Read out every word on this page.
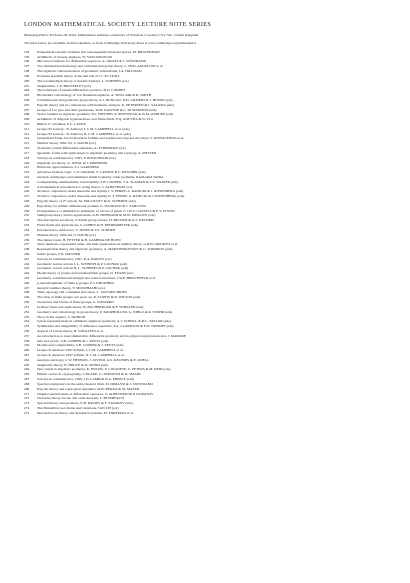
LONDON MATHEMATICAL SOCIETY LECTURE NOTE SERIES
Managing Editor: Professor M. Reid, Mathematics Institute, University of Warwick, Coventry CV4 7AL, United Kingdom
The titles below are available from booksellers, or from Cambridge University Press at www.cambridge.org/mathematics
194	Independent random variables and rearrangement invariant spaces, M. BRAVERMAN
195	Arithmetic of blowup algebras, W. VASCONCELOS
196	Microlocal analysis for differential operators, A. GRIGIS & J. SJÖSTRAND
197	Two-dimensional homotopy and combinatorial group theory, C. HOG-ANGELONI et al.
198	The algebraic characterization of geometric 4-manifolds, J.A. HILLMAN
199	Invariant potential theory in the unit ball of Cⁿ, M. STOLL
200	The Grothendieck theory of dessins d'enfant, L. SCHNEPS (ed.)
201	Singularities, J.-P. BRASSELET (ed.)
202	The technique of pseudodifferential operators, H.O. CORDES
203	Hochschild cohomology of von Neumann algebras, A. SINCLAIR & R. SMITH
204	Combinatorial and geometric group theory, A.J. DUNCAN, N.D. GILBERT & J. HOWIE (eds)
205	Ergodic theory and its connections with harmonic analysis, K. PETERSEN & I. SALAMA (eds)
207	Groups of Lie type and their geometries, W.M. KANTOR & L. DI MARTINO (eds)
208	Vector bundles in algebraic geometry, N.J. HITCHIN, P. NEWSTEAD & W.M. OXBURY (eds)
209	Arithmetic of diagonal hypersurfaces over finite fields, F.Q. GOUVÊA & N. YUI
210	Hilbert C*-modules, E.C. LANCE
211	Groups 93 Galway / St Andrews I, C.M. CAMPBELL et al. (eds)
212	Groups 93 Galway / St Andrews II, C.M. CAMPBELL et al. (eds)
214	Generalised Euler-Jacobi inversion formula and asymptotics beyond all orders, V. KOWALENKO et al.
215	Number theory 1992–93, S. DAVID (ed.)
216	Stochastic partial differential equations, A. ETHERIDGE (ed.)
217	Quadratic forms with applications to algebraic geometry and topology, A. PFISTER
218	Surveys in combinatorics, 1995, P. ROWLINSON (ed.)
220	Algebraic set theory, A. JOYAL & I. MOERDIJK
221	Harmonic approximation, S.J. GARDINER
222	Advances in linear logic, J.-Y. GIRARD, Y. LAFONT & L. REGNIER (eds)
223	Analytic semigroups and semilinear initial boundary value problems, KAZUAKI TAIRA
224	Computability, enumerability, unsolvability, S.B. COOPER, T.A. SLAMAN & S.S. WAINER (eds)
225	A mathematical introduction to string theory, S. ALBEVERIO et al.
226	Novikov conjectures, index theorems and rigidity I, S. FERRY, A. RANICKI & J. ROSENBERG (eds)
227	Novikov conjectures, index theorems and rigidity II, S. FERRY, A. RANICKI & J. ROSENBERG (eds)
228	Ergodic theory of Zᵈ actions, M. POLLICOTT & K. SCHMIDT (eds)
229	Ergodicity for infinite dimensional systems, G. DA PRATO & J. ZABCZYK
230	Prolegomena to a middlebrow arithmetic of curves of genus 2, J.W.S. CASSELS & E.V. FLYNN
231	Semigroup theory and its applications, K.H. HOFMANN & M.W. MISLOVE (eds)
232	The descriptive set theory of Polish group actions, H. BECKER & A.S. KECHRIS
233	Finite fields and applications, S. COHEN & H. NIEDERREITER (eds)
234	Introduction to subfactors, V. JONES & V.S. SUNDER
235	Number theory 1993–94, S. DAVID (ed.)
236	The James forest, H. FETTER & B. GAMBOA DE BUEN
237	Sieve methods, exponential sums, and their applications in number theory, G.R.H. GREAVES et al.
238	Representation theory and algebraic geometry, A. MARTSINKOVSKY & G. TODOROV (eds)
240	Stable groups, F.O. WAGNER
241	Surveys in combinatorics, 1997, R.A. BAILEY (ed.)
242	Geometric Galois actions I, L. SCHNEPS & P. LOCHAK (eds)
243	Geometric Galois actions II, L. SCHNEPS & P. LOCHAK (eds)
244	Model theory of groups and automorphism groups, D. EVANS (ed.)
245	Geometry, combinatorial designs and related structures, J.W.P. HIRSCHFELD et al.
246	p-Automorphisms of finite p-groups, E.I. KHUKHRO
247	Analytic number theory, Y. MOTOHASHI (ed.)
248	Tame topology and o-minimal structures, L. VAN DEN DRIES
249	The atlas of finite groups: ten years on, R. CURTIS & R. WILSON (eds)
250	Characters and blocks of finite groups, G. NAVARRO
251	Gröbner bases and applications, B. BUCHBERGER & F. WINKLER (eds)
252	Geometry and cohomology in group theory, P. KROPHOLLER, G. NIBLO & R. STÖHR (eds)
253	The q-Schur algebra, S. DONKIN
254	Galois representations in arithmetic algebraic geometry, A.J. SCHOLL & R.L. TAYLOR (eds)
255	Symmetries and integrability of difference equations, P.A. CLARKSON & F.W. NIJHOFF (eds)
256	Aspects of Galois theory, H. VÖLKLEIN et al.
257	An introduction to noncommutative differential geometry and its physical applications 2ed, J. MADORE
258	Sets and proofs, S.B. COOPER & J. TRUSS (eds)
259	Models and computability, S.B. COOPER & J. TRUSS (eds)
260	Groups St Andrews 1997 in Bath, I, C.M. CAMPBELL et al.
261	Groups St Andrews 1997 in Bath, II, C.M. CAMPBELL et al.
262	Analysis and logic, C.W. HENSON, J. IOVINO, A.S. KECHRIS & E. ODELL
263	Singularity theory, B. BRUCE & D. MOND (eds)
264	New trends in algebraic geometry, K. HULEK, F. CATANESE, C. PETERS & M. REID (eds)
265	Elliptic curves in cryptography, I. BLAKE, G. SEROUSSI & N. SMART
267	Surveys in combinatorics, 1999, J.D. LAMB & D.A. PREECE (eds)
268	Spectral asymptotics in the semi-classical limit, M. DIMASSI & J. SJÖSTRAND
269	Ergodic theory and topological dynamics, M.B. BEKKA & M. MAYER
271	Singular perturbations of differential operators, S. ALBEVERIO & P. KURASOV
272	Character theory for the odd order theorem, T. PETERFALVI
273	Spectral theory and geometry, E.B. DAVIES & Y. SAFAROV (eds)
274	The Mandelbrot set, theme and variations, TAN LEI (ed.)
275	Descriptive set theory and dynamical systems, M. FOREMAN et al.
